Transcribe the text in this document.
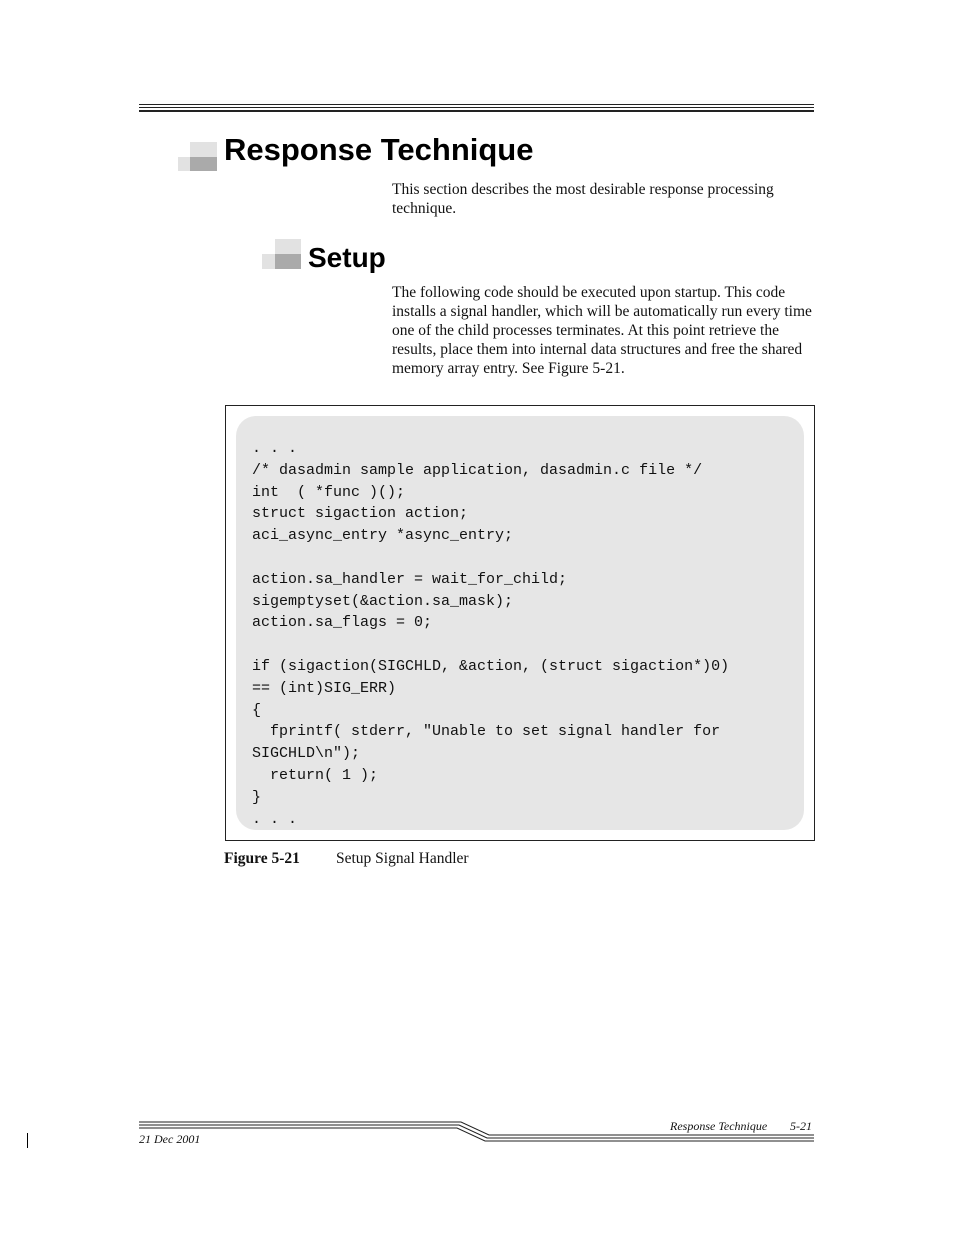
Response Technique

This section describes the most desirable response processing technique.

Setup

The following code should be executed upon startup. This code installs a signal handler, which will be automatically run every time one of the child processes terminates. At this point retrieve the results, place them into internal data structures and free the shared memory array entry. See Figure 5-21.

. . .
/* dasadmin sample application, dasadmin.c file */
int  ( *func )();
struct sigaction action;
aci_async_entry *async_entry;

action.sa_handler = wait_for_child;
sigemptyset(&action.sa_mask);
action.sa_flags = 0;

if (sigaction(SIGCHLD, &action, (struct sigaction*)0)
== (int)SIG_ERR)
{
fprintf( stderr, "Unable to set signal handler for
SIGCHLD\n");
return( 1 );
}
. . .
Figure 5-21 Setup Signal Handler
21 Dec 2001
Response Technique 5-21
